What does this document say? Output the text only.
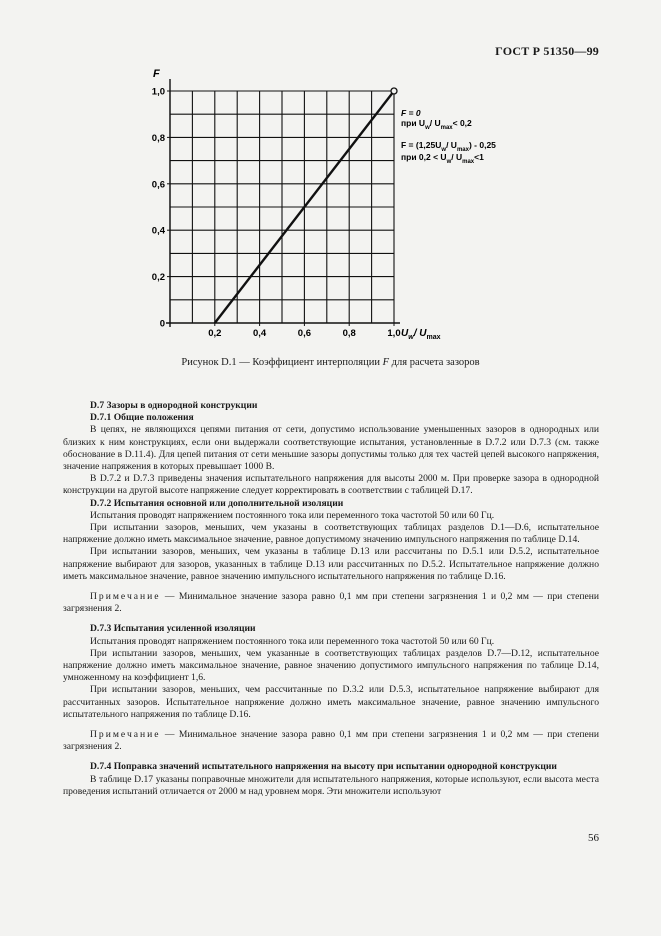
ГОСТ Р 51350—99
1,0
0,8
0,6
0,4
0,2
0
0,2	0,4	0,6	0,8	1,0
F
$U_w/$ $U_{max}$
F = 0
при $U_w/$ $U_{max}< 0,2$
$F = (1,25U_w/$ $U_{max}) - 0,25$
при $0,2 < U_w/$ $U_{max}<1$
Рисунок D.1 — Коэффициент интерполяции F для расчета зазоров

D.7 Зазоры в однородной конструкции

D.7.1 Общие положения

В цепях, не являющихся цепями питания от сети, допустимо использование уменьшенных зазоров в однородных или близких к ним конструкциях, если они выдержали соответствующие испытания, установленные в D.7.2 или D.7.3 (см. также обоснование в D.11.4). Для цепей питания от сети меньшие зазоры допустимы только для тех частей цепей высокого напряжения, значение напряжения в которых превышает 1000 В.

В D.7.2 и D.7.3 приведены значения испытательного напряжения для высоты 2000 м. При проверке зазора в однородной конструкции на другой высоте напряжение следует корректировать в соответствии с таблицей D.17.

D.7.2 Испытания основной или дополнительной изоляции

Испытания проводят напряжением постоянного тока или переменного тока частотой 50 или 60 Гц.

При испытании зазоров, меньших, чем указаны в соответствующих таблицах разделов D.1—D.6, испытательное напряжение должно иметь максимальное значение, равное допустимому значению импульсного напряжения по таблице D.14.

При испытании зазоров, меньших, чем указаны в таблице D.13 или рассчитаны по D.5.1 или D.5.2, испытательное напряжение выбирают для зазоров, указанных в таблице D.13 или рассчитанных по D.5.2. Испытательное напряжение должно иметь максимальное значение, равное значению импульсного испытательного напряжения по таблице D.16.

Примечание — Минимальное значение зазора равно 0,1 мм при степени загрязнения 1 и 0,2 мм — при степени загрязнения 2.

D.7.3 Испытания усиленной изоляции

Испытания проводят напряжением постоянного тока или переменного тока частотой 50 или 60 Гц.

При испытании зазоров, меньших, чем указанные в соответствующих таблицах разделов D.7—D.12, испытательное напряжение должно иметь максимальное значение, равное значению допустимого импульсного напряжения по таблице D.14, умноженному на коэффициент 1,6.

При испытании зазоров, меньших, чем рассчитанные по D.3.2 или D.5.3, испытательное напряжение выбирают для рассчитанных зазоров. Испытательное напряжение должно иметь максимальное значение, равное значению импульсного испытательного напряжения по таблице D.16.

Примечание — Минимальное значение зазора равно 0,1 мм при степени загрязнения 1 и 0,2 мм — при степени загрязнения 2.

D.7.4 Поправка значений испытательного напряжения на высоту при испытании однородной конструкции

В таблице D.17 указаны поправочные множители для испытательного напряжения, которые используют, если высота места проведения испытаний отличается от 2000 м над уровнем моря. Эти множители используют

56
